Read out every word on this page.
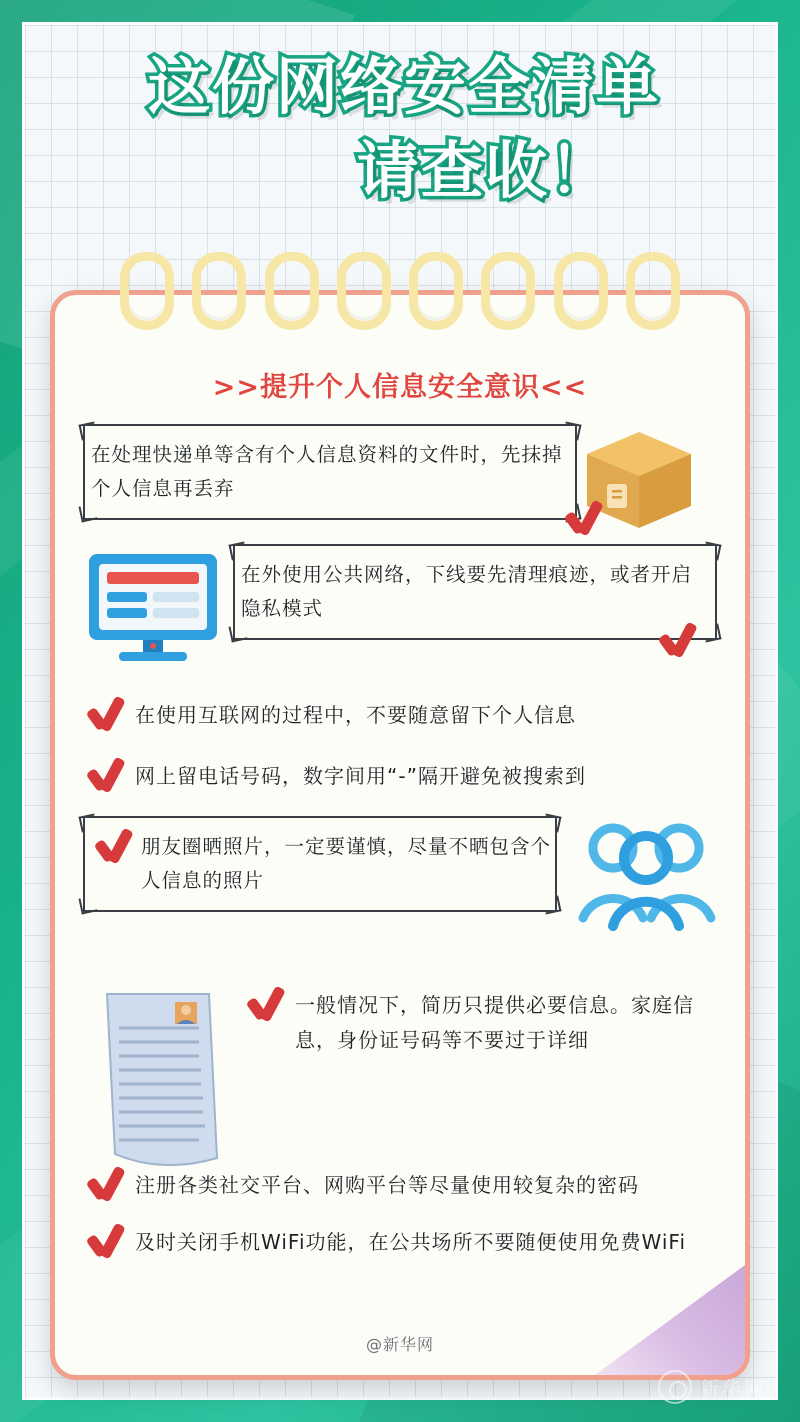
这份网络安全清单
请查收！
>>提升个人信息安全意识<<
在处理快递单等含有个人信息资料的文件时，先抹掉个人信息再丢弃
在外使用公共网络，下线要先清理痕迹，或者开启隐私模式
在使用互联网的过程中，不要随意留下个人信息
网上留电话号码，数字间用“-”隔开避免被搜索到
朋友圈晒照片，一定要谨慎，尽量不晒包含个人信息的照片
一般情况下，简历只提供必要信息。家庭信息，身份证号码等不要过于详细
注册各类社交平台、网购平台等尽量使用较复杂的密码
及时关闭手机WiFi功能，在公共场所不要随便使用免费WiFi
@新华网
新华网
